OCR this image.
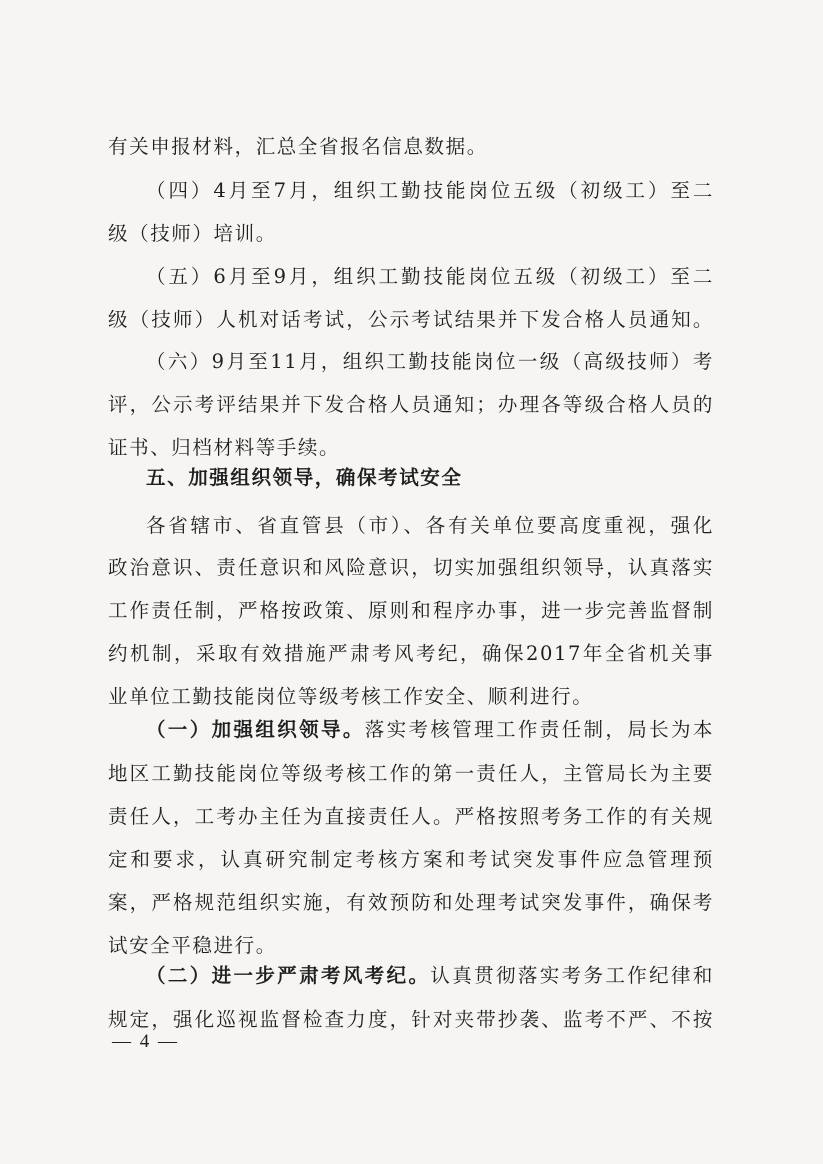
有关申报材料，汇总全省报名信息数据。
（四）4月至7月，组织工勤技能岗位五级（初级工）至二
级（技师）培训。
（五）6月至9月，组织工勤技能岗位五级（初级工）至二
级（技师）人机对话考试，公示考试结果并下发合格人员通知。
（六）9月至11月，组织工勤技能岗位一级（高级技师）考
评，公示考评结果并下发合格人员通知；办理各等级合格人员的
证书、归档材料等手续。
五、加强组织领导，确保考试安全
各省辖市、省直管县（市）、各有关单位要高度重视，强化
政治意识、责任意识和风险意识，切实加强组织领导，认真落实
工作责任制，严格按政策、原则和程序办事，进一步完善监督制
约机制，采取有效措施严肃考风考纪，确保2017年全省机关事
业单位工勤技能岗位等级考核工作安全、顺利进行。
（一）加强组织领导。落实考核管理工作责任制，局长为本
地区工勤技能岗位等级考核工作的第一责任人，主管局长为主要
责任人，工考办主任为直接责任人。严格按照考务工作的有关规
定和要求，认真研究制定考核方案和考试突发事件应急管理预
案，严格规范组织实施，有效预防和处理考试突发事件，确保考
试安全平稳进行。
（二）进一步严肃考风考纪。认真贯彻落实考务工作纪律和
规定，强化巡视监督检查力度，针对夹带抄袭、监考不严、不按
— 4 —
